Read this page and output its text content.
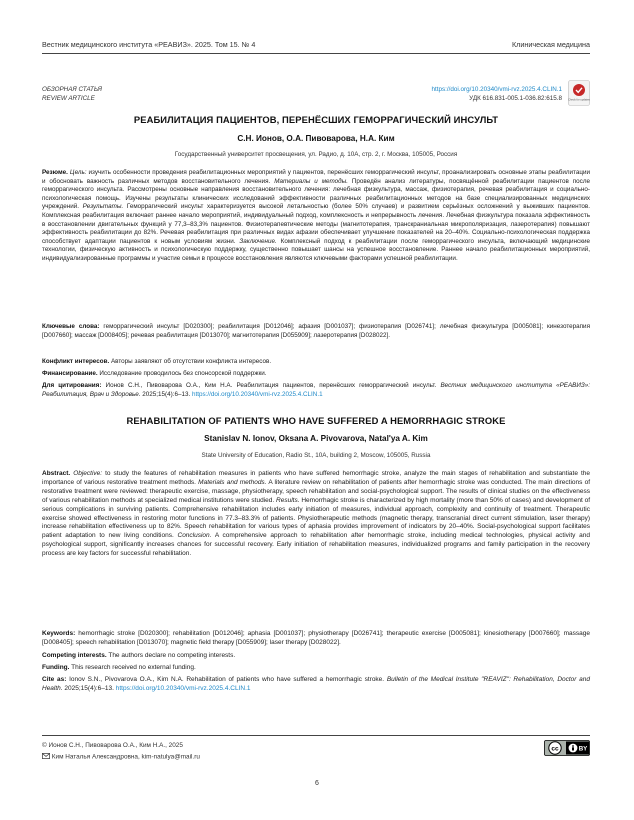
Вестник медицинского института «РЕАВИЗ». 2025. Том 15. № 4	Клиническая медицина
ОБЗОРНАЯ СТАТЬЯ
REVIEW ARTICLE
https://doi.org/10.20340/vmi-rvz.2025.4.CLIN.1
УДК 616.831-005.1-036.82:615.8 Check for updates
РЕАБИЛИТАЦИЯ ПАЦИЕНТОВ, ПЕРЕНЁСШИХ ГЕМОРРАГИЧЕСКИЙ ИНСУЛЬТ
С.Н. Ионов, О.А. Пивоварова, Н.А. Ким
Государственный университет просвещения, ул. Радио, д. 10А, стр. 2, г. Москва, 105005, Россия
Резюме. Цель: изучить особенности проведения реабилитационных мероприятий у пациентов, перенёсших геморрагический инсульт, проанализировать основные этапы реабилитации и обосновать важность различных методов восстановительного лечения. Материалы и методы. Проведён анализ литературы, посвящённой реабилитации пациентов после геморрагического инсульта. Рассмотрены основные направления восстановительного лечения: лечебная физкультура, массаж, физиотерапия, речевая реабилитация и социально-психологическая помощь. Изучены результаты клинических исследований эффективности различных реабилитационных методов на базе специализированных медицинских учреждений. Результаты. Геморрагический инсульт характеризуется высокой летальностью (более 50% случаев) и развитием серьёзных осложнений у выживших пациентов. Комплексная реабилитация включает раннее начало мероприятий, индивидуальный подход, комплексность и непрерывность лечения. Лечебная физкультура показала эффективность в восстановлении двигательных функций у 77,3–83,3% пациентов. Физиотерапевтические методы (магнитотерапия, транскраниальная микрополяризация, лазеротерапия) повышают эффективность реабилитации до 82%. Речевая реабилитация при различных видах афазии обеспечивает улучшение показателей на 20–40%. Социально-психологическая поддержка способствует адаптации пациентов к новым условиям жизни. Заключение. Комплексный подход к реабилитации после геморрагического инсульта, включающий медицинские технологии, физическую активность и психологическую поддержку, существенно повышает шансы на успешное восстановление. Раннее начало реабилитационных мероприятий, индивидуализированные программы и участие семьи в процессе восстановления являются ключевыми факторами успешной реабилитации.
Ключевые слова: геморрагический инсульт [D020300]; реабилитация [D012046]; афазия [D001037]; физиотерапия [D026741]; лечебная физкультура [D005081]; кинезотерапия [D007660]; массаж [D008405]; речевая реабилитация [D013070]; магнитотерапия [D055909]; лазеротерапия [D028022].
Конфликт интересов. Авторы заявляют об отсутствии конфликта интересов.
Финансирование. Исследование проводилось без спонсорской поддержки.
Для цитирования: Ионов С.Н., Пивоварова О.А., Ким Н.А. Реабилитация пациентов, перенёсших геморрагический инсульт. Вестник медицинского института «РЕАВИЗ»: Реабилитация, Врач и Здоровье. 2025;15(4):6–13. https://doi.org/10.20340/vmi-rvz.2025.4.CLIN.1
REHABILITATION OF PATIENTS WHO HAVE SUFFERED A HEMORRHAGIC STROKE
Stanislav N. Ionov, Oksana A. Pivovarova, Natal'ya A. Kim
State University of Education, Radio St., 10A, building 2, Moscow, 105005, Russia
Abstract. Objective: to study the features of rehabilitation measures in patients who have suffered hemorrhagic stroke, analyze the main stages of rehabilitation and substantiate the importance of various restorative treatment methods. Materials and methods. A literature review on rehabilitation of patients after hemorrhagic stroke was conducted. The main directions of restorative treatment were reviewed: therapeutic exercise, massage, physiotherapy, speech rehabilitation and social-psychological support. The results of clinical studies on the effectiveness of various rehabilitation methods at specialized medical institutions were studied. Results. Hemorrhagic stroke is characterized by high mortality (more than 50% of cases) and development of serious complications in surviving patients. Comprehensive rehabilitation includes early initiation of measures, individual approach, complexity and continuity of treatment. Therapeutic exercise showed effectiveness in restoring motor functions in 77.3–83.3% of patients. Physiotherapeutic methods (magnetic therapy, transcranial direct current stimulation, laser therapy) increase rehabilitation effectiveness up to 82%. Speech rehabilitation for various types of aphasia provides improvement of indicators by 20–40%. Social-psychological support facilitates patient adaptation to new living conditions. Conclusion. A comprehensive approach to rehabilitation after hemorrhagic stroke, including medical technologies, physical activity and psychological support, significantly increases chances for successful recovery. Early initiation of rehabilitation measures, individualized programs and family participation in the recovery process are key factors for successful rehabilitation.
Keywords: hemorrhagic stroke [D020300]; rehabilitation [D012046]; aphasia [D001037]; physiotherapy [D026741]; therapeutic exercise [D005081]; kinesiotherapy [D007660]; massage [D008405]; speech rehabilitation [D013070]; magnetic field therapy [D055909]; laser therapy [D028022].
Competing interests. The authors declare no competing interests.
Funding. This research received no external funding.
Cite as: Ionov S.N., Pivovarova O.A., Kim N.A. Rehabilitation of patients who have suffered a hemorrhagic stroke. Bulletin of the Medical Institute "REAVIZ": Rehabilitation, Doctor and Health. 2025;15(4):6–13. https://doi.org/10.20340/vmi-rvz.2025.4.CLIN.1
© Ионов С.Н., Пивоварова О.А., Ким Н.А., 2025
Ким Наталья Александровна, kim-natulya@mail.ru
cc	BY
6
